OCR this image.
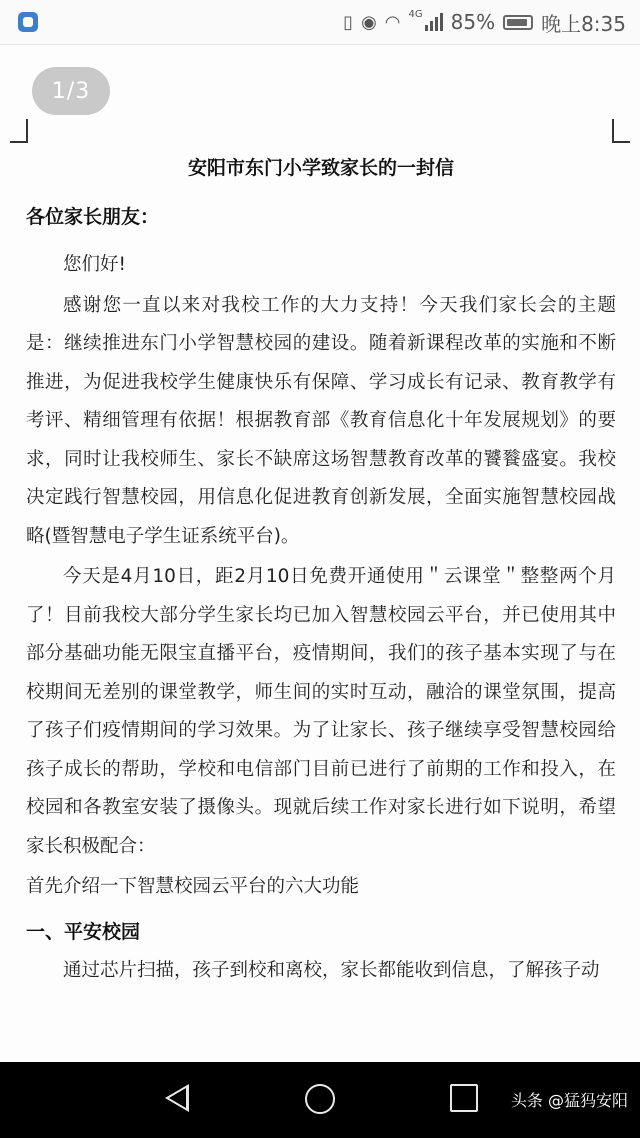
▯ ◉ ◠ 4G 85% 晚上8:35
1/3

安阳市东门小学致家长的一封信

各位家长朋友：

您们好!

感谢您一直以来对我校工作的大力支持！今天我们家长会的主题是：继续推进东门小学智慧校园的建设。随着新课程改革的实施和不断推进，为促进我校学生健康快乐有保障、学习成长有记录、教育教学有考评、精细管理有依据！根据教育部《教育信息化十年发展规划》的要求，同时让我校师生、家长不缺席这场智慧教育改革的饕餮盛宴。我校决定践行智慧校园，用信息化促进教育创新发展，全面实施智慧校园战略(暨智慧电子学生证系统平台)。

今天是4月10日，距2月10日免费开通使用＂云课堂＂整整两个月了！目前我校大部分学生家长均已加入智慧校园云平台，并已使用其中部分基础功能无限宝直播平台，疫情期间，我们的孩子基本实现了与在校期间无差别的课堂教学，师生间的实时互动，融洽的课堂氛围，提高了孩子们疫情期间的学习效果。为了让家长、孩子继续享受智慧校园给孩子成长的帮助，学校和电信部门目前已进行了前期的工作和投入，在校园和各教室安装了摄像头。现就后续工作对家长进行如下说明，希望家长积极配合：

首先介绍一下智慧校园云平台的六大功能

一、平安校园

通过芯片扫描，孩子到校和离校，家长都能收到信息，了解孩子动

头条 @猛犸安阳
